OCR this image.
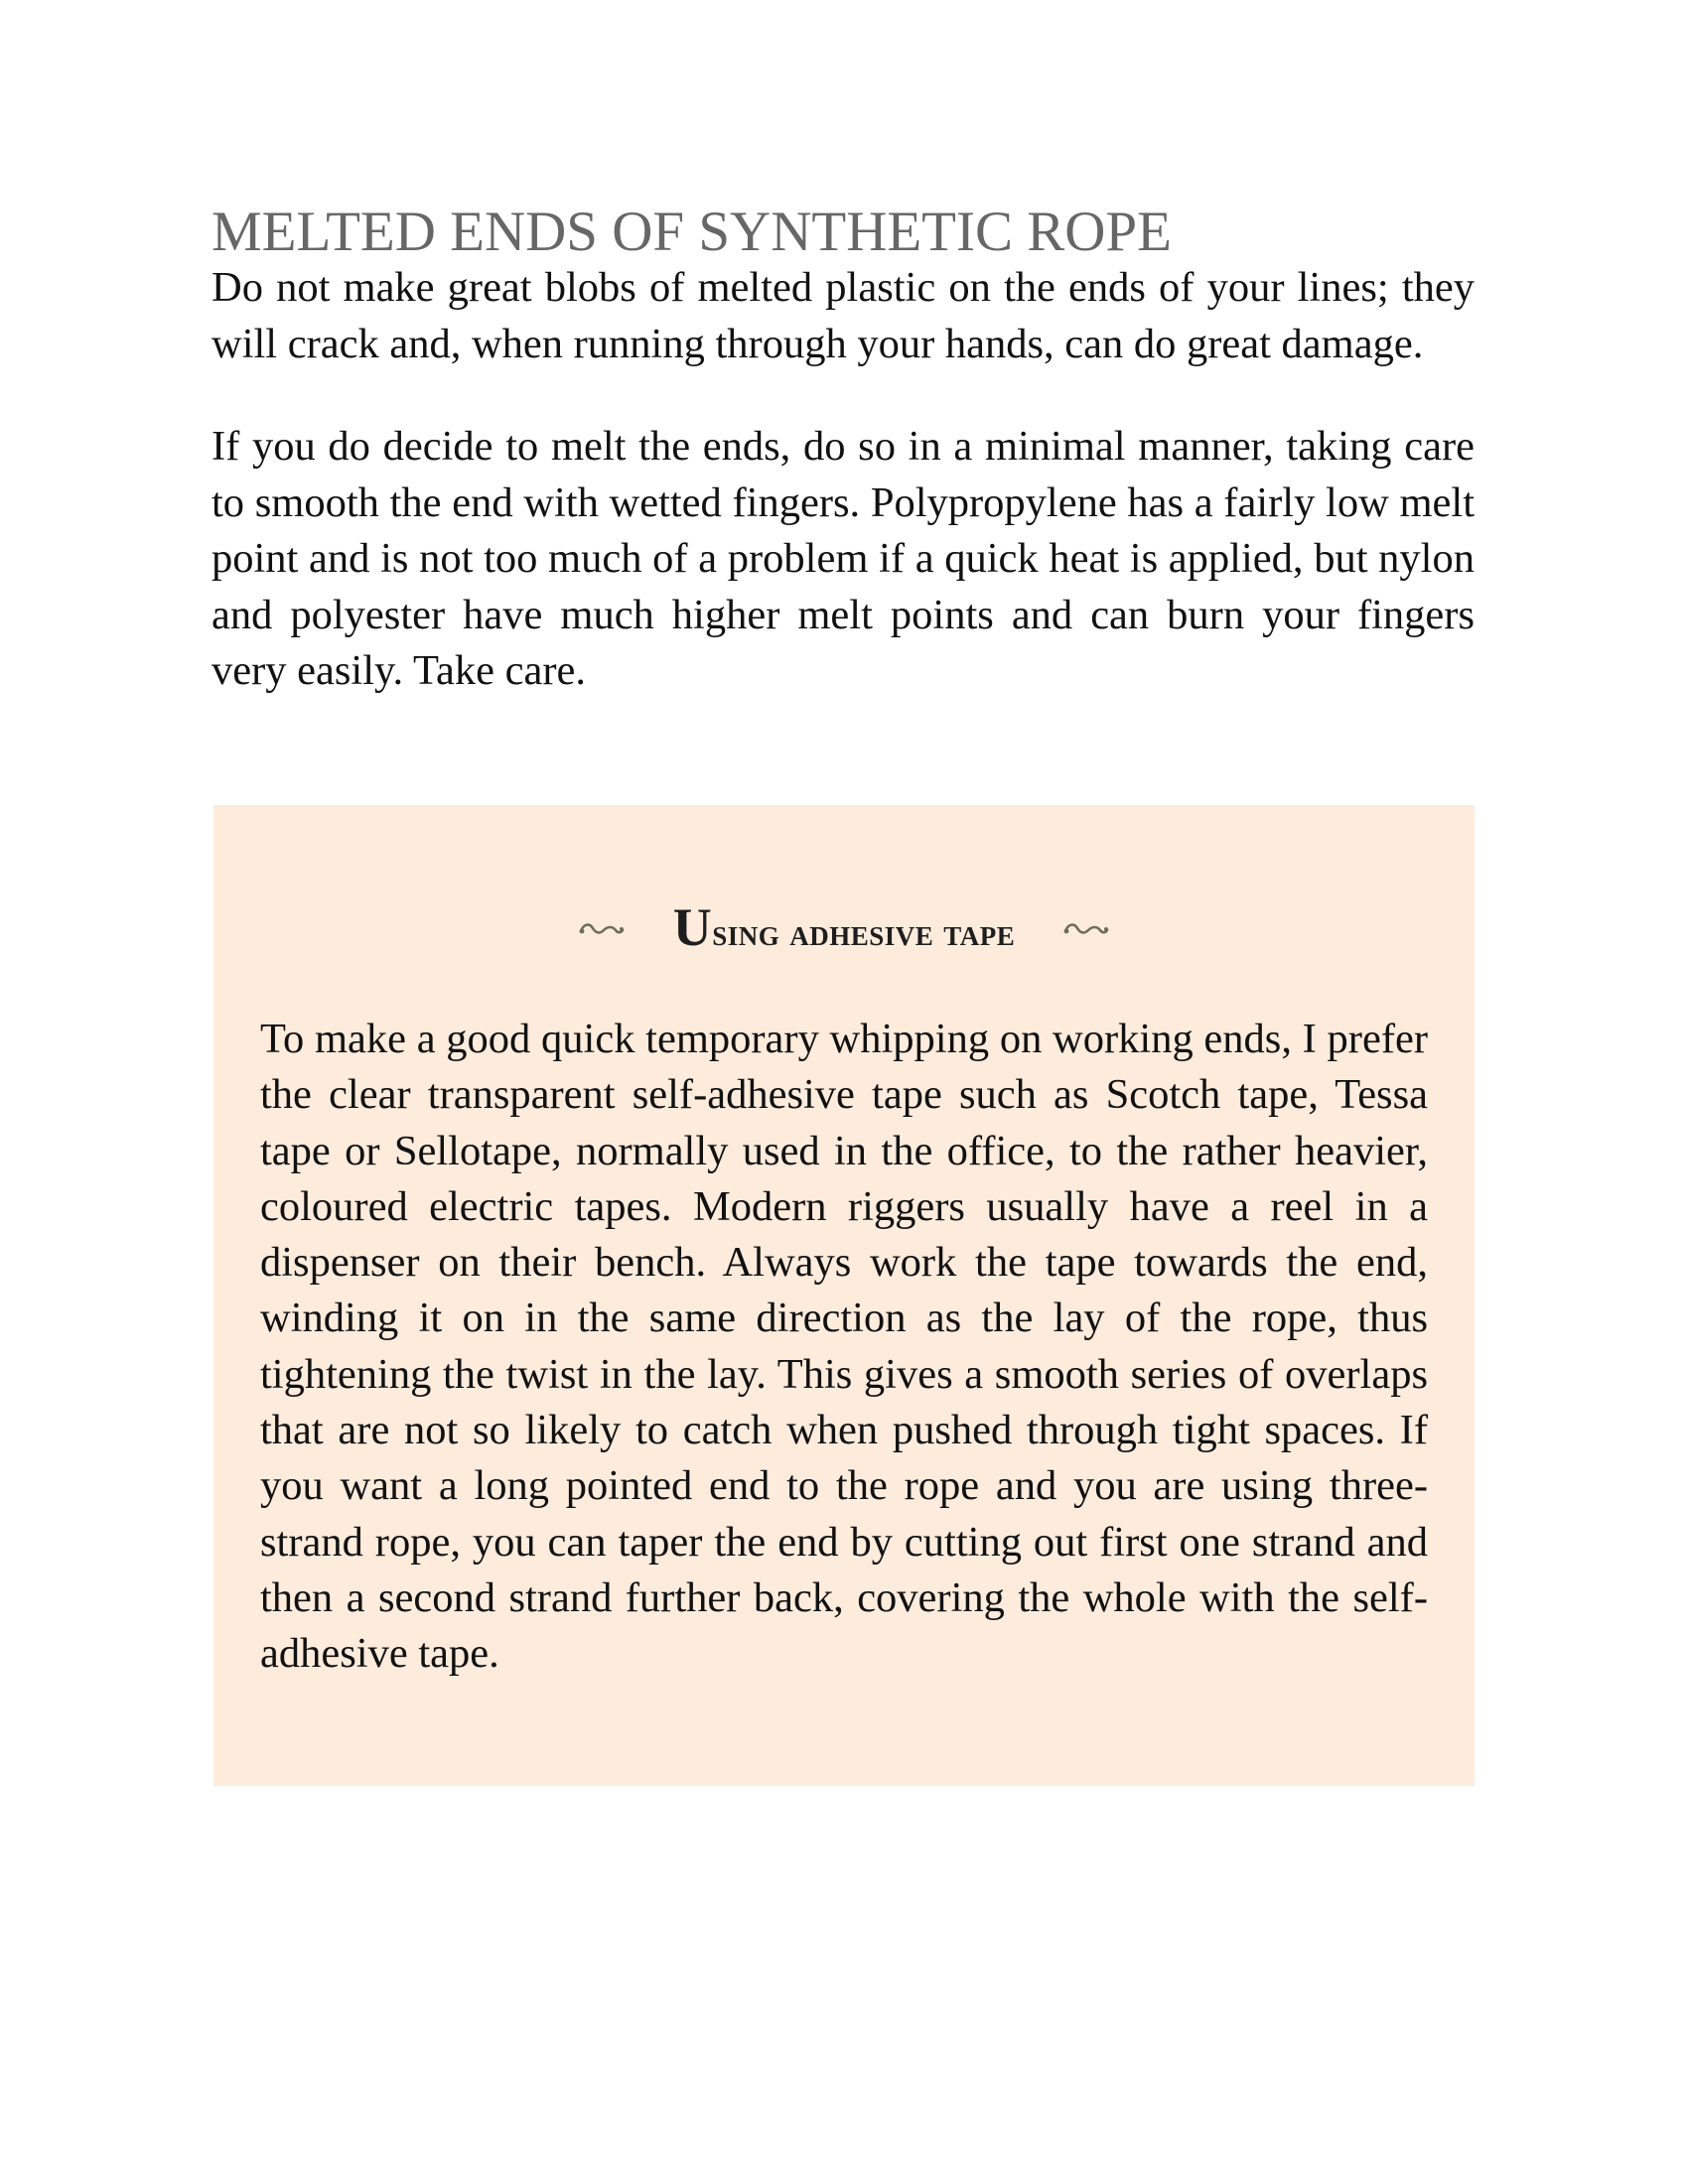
MELTED ENDS OF SYNTHETIC ROPE

Do not make great blobs of melted plastic on the ends of your lines; they will crack and, when running through your hands, can do great damage.

If you do decide to melt the ends, do so in a minimal manner, taking care to smooth the end with wetted fingers. Polypropylene has a fairly low melt point and is not too much of a problem if a quick heat is applied, but nylon and polyester have much higher melt points and can burn your fingers very easily. Take care.

Using adhesive tape

To make a good quick temporary whipping on working ends, I prefer the clear transparent self-adhesive tape such as Scotch tape, Tessa tape or Sellotape, normally used in the office, to the rather heavier, coloured electric tapes. Modern riggers usually have a reel in a dispenser on their bench. Always work the tape towards the end, winding it on in the same direction as the lay of the rope, thus tightening the twist in the lay. This gives a smooth series of overlaps that are not so likely to catch when pushed through tight spaces. If you want a long pointed end to the rope and you are using three-strand rope, you can taper the end by cutting out first one strand and then a second strand further back, covering the whole with the self-adhesive tape.
